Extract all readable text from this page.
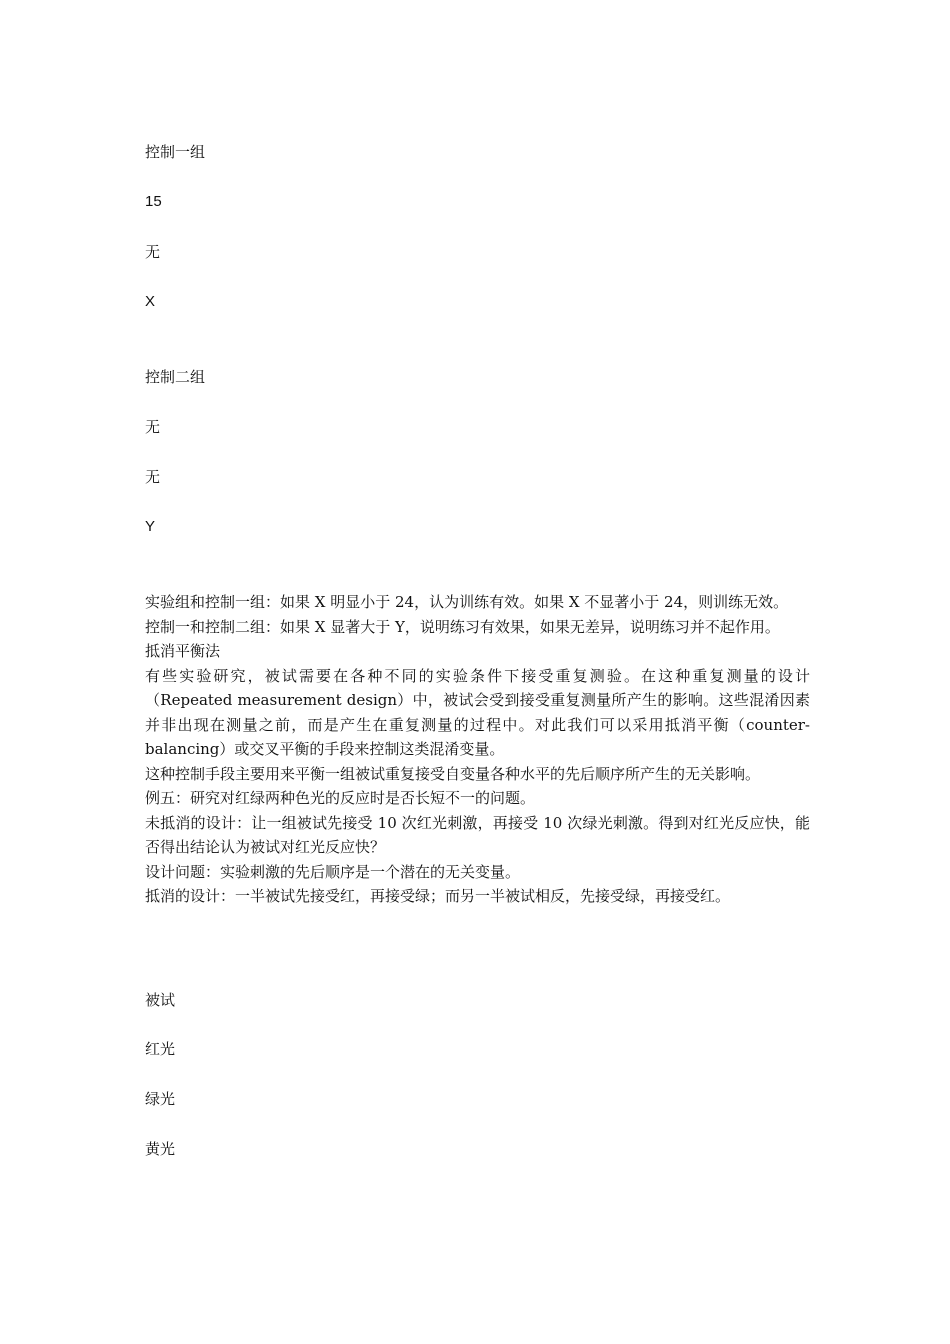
控制一组
15
无
X
控制二组
无
无
Y

实验组和控制一组：如果 X 明显小于 24，认为训练有效。如果 X 不显著小于 24，则训练无效。

控制一和控制二组：如果 X 显著大于 Y，说明练习有效果，如果无差异，说明练习并不起作用。

抵消平衡法

有些实验研究，被试需要在各种不同的实验条件下接受重复测验。在这种重复测量的设计（Repeated measurement design）中，被试会受到接受重复测量所产生的影响。这些混淆因素并非出现在测量之前，而是产生在重复测量的过程中。对此我们可以采用抵消平衡（counter-balancing）或交叉平衡的手段来控制这类混淆变量。

这种控制手段主要用来平衡一组被试重复接受自变量各种水平的先后顺序所产生的无关影响。

例五：研究对红绿两种色光的反应时是否长短不一的问题。

未抵消的设计：让一组被试先接受 10 次红光刺激，再接受 10 次绿光刺激。得到对红光反应快，能否得出结论认为被试对红光反应快？

设计问题：实验刺激的先后顺序是一个潜在的无关变量。

抵消的设计：一半被试先接受红，再接受绿；而另一半被试相反，先接受绿，再接受红。

被试
红光
绿光
黄光
